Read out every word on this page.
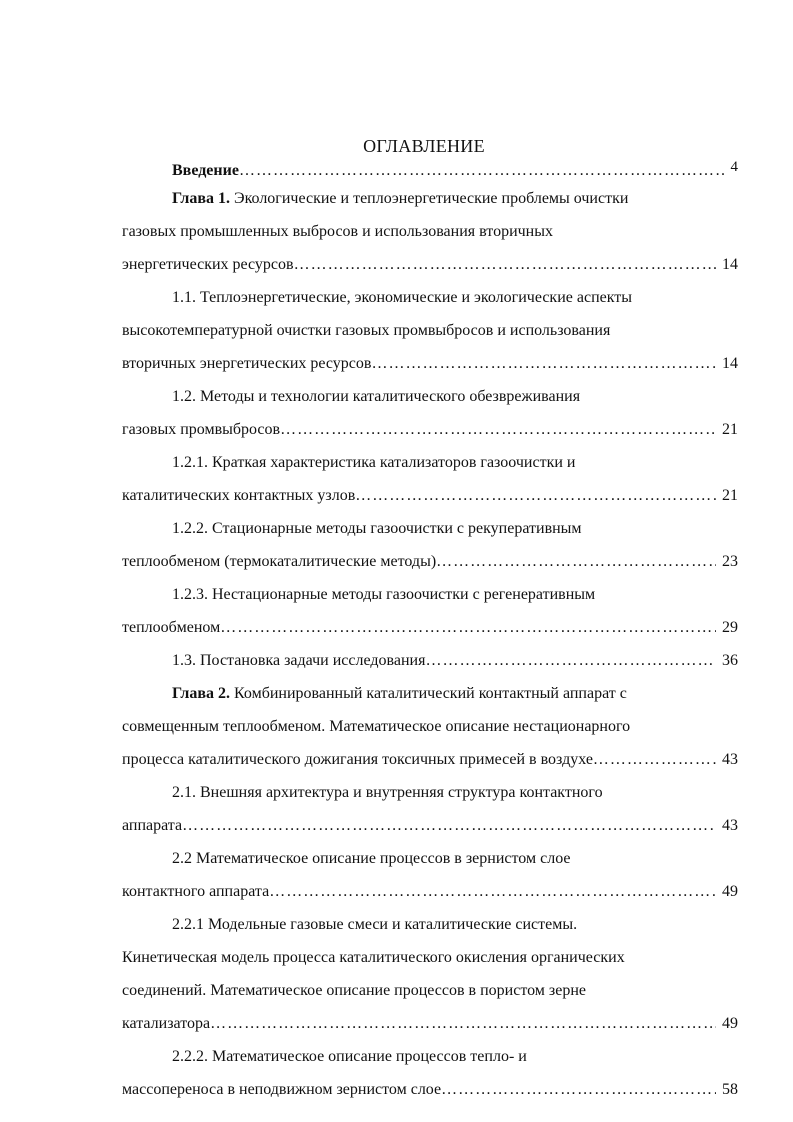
ОГЛАВЛЕНИЕ
Введение …………………………………………………………………………………………………………………………………………………………………………………………	4
Глава 1. Экологические и теплоэнергетические проблемы очистки
газовых промышленных выбросов и использования вторичных
энергетических ресурсов …………………………………………………………………………………………………………………………………………………………………………………………	14
1.1. Теплоэнергетические, экономические и экологические аспекты
высокотемпературной очистки газовых промвыбросов и использования
вторичных энергетических ресурсов …………………………………………………………………………………………………………………………………………………………………………………………	14
1.2. Методы и технологии каталитического обезвреживания
газовых промвыбросов …………………………………………………………………………………………………………………………………………………………………………………………	21
1.2.1. Краткая характеристика катализаторов газоочистки и
каталитических контактных узлов …………………………………………………………………………………………………………………………………………………………………………………………	21
1.2.2. Стационарные методы газоочистки с рекуперативным
теплообменом (термокаталитические методы) …………………………………………………………………………………………………………………………………………………………………………………………	23
1.2.3. Нестационарные методы газоочистки с регенеративным
теплообменом …………………………………………………………………………………………………………………………………………………………………………………………	29
1.3. Постановка задачи исследования …………………………………………………………………………………………………………………………………………………………………………………………	36
Глава 2. Комбинированный каталитический контактный аппарат с
совмещенным теплообменом. Математическое описание нестационарного
процесса каталитического дожигания токсичных примесей в воздухе …………………………………………………………………………………………………………………………………………………………………………………………	43
2.1. Внешняя архитектура и внутренняя структура контактного
аппарата …………………………………………………………………………………………………………………………………………………………………………………………	43
2.2 Математическое описание процессов в зернистом слое
контактного аппарата …………………………………………………………………………………………………………………………………………………………………………………………	49
2.2.1 Модельные газовые смеси и каталитические системы.
Кинетическая модель процесса каталитического окисления органических
соединений. Математическое описание процессов в пористом зерне
катализатора …………………………………………………………………………………………………………………………………………………………………………………………	49
2.2.2. Математическое описание процессов тепло- и
массопереноса в неподвижном зернистом слое …………………………………………………………………………………………………………………………………………………………………………………………	58
